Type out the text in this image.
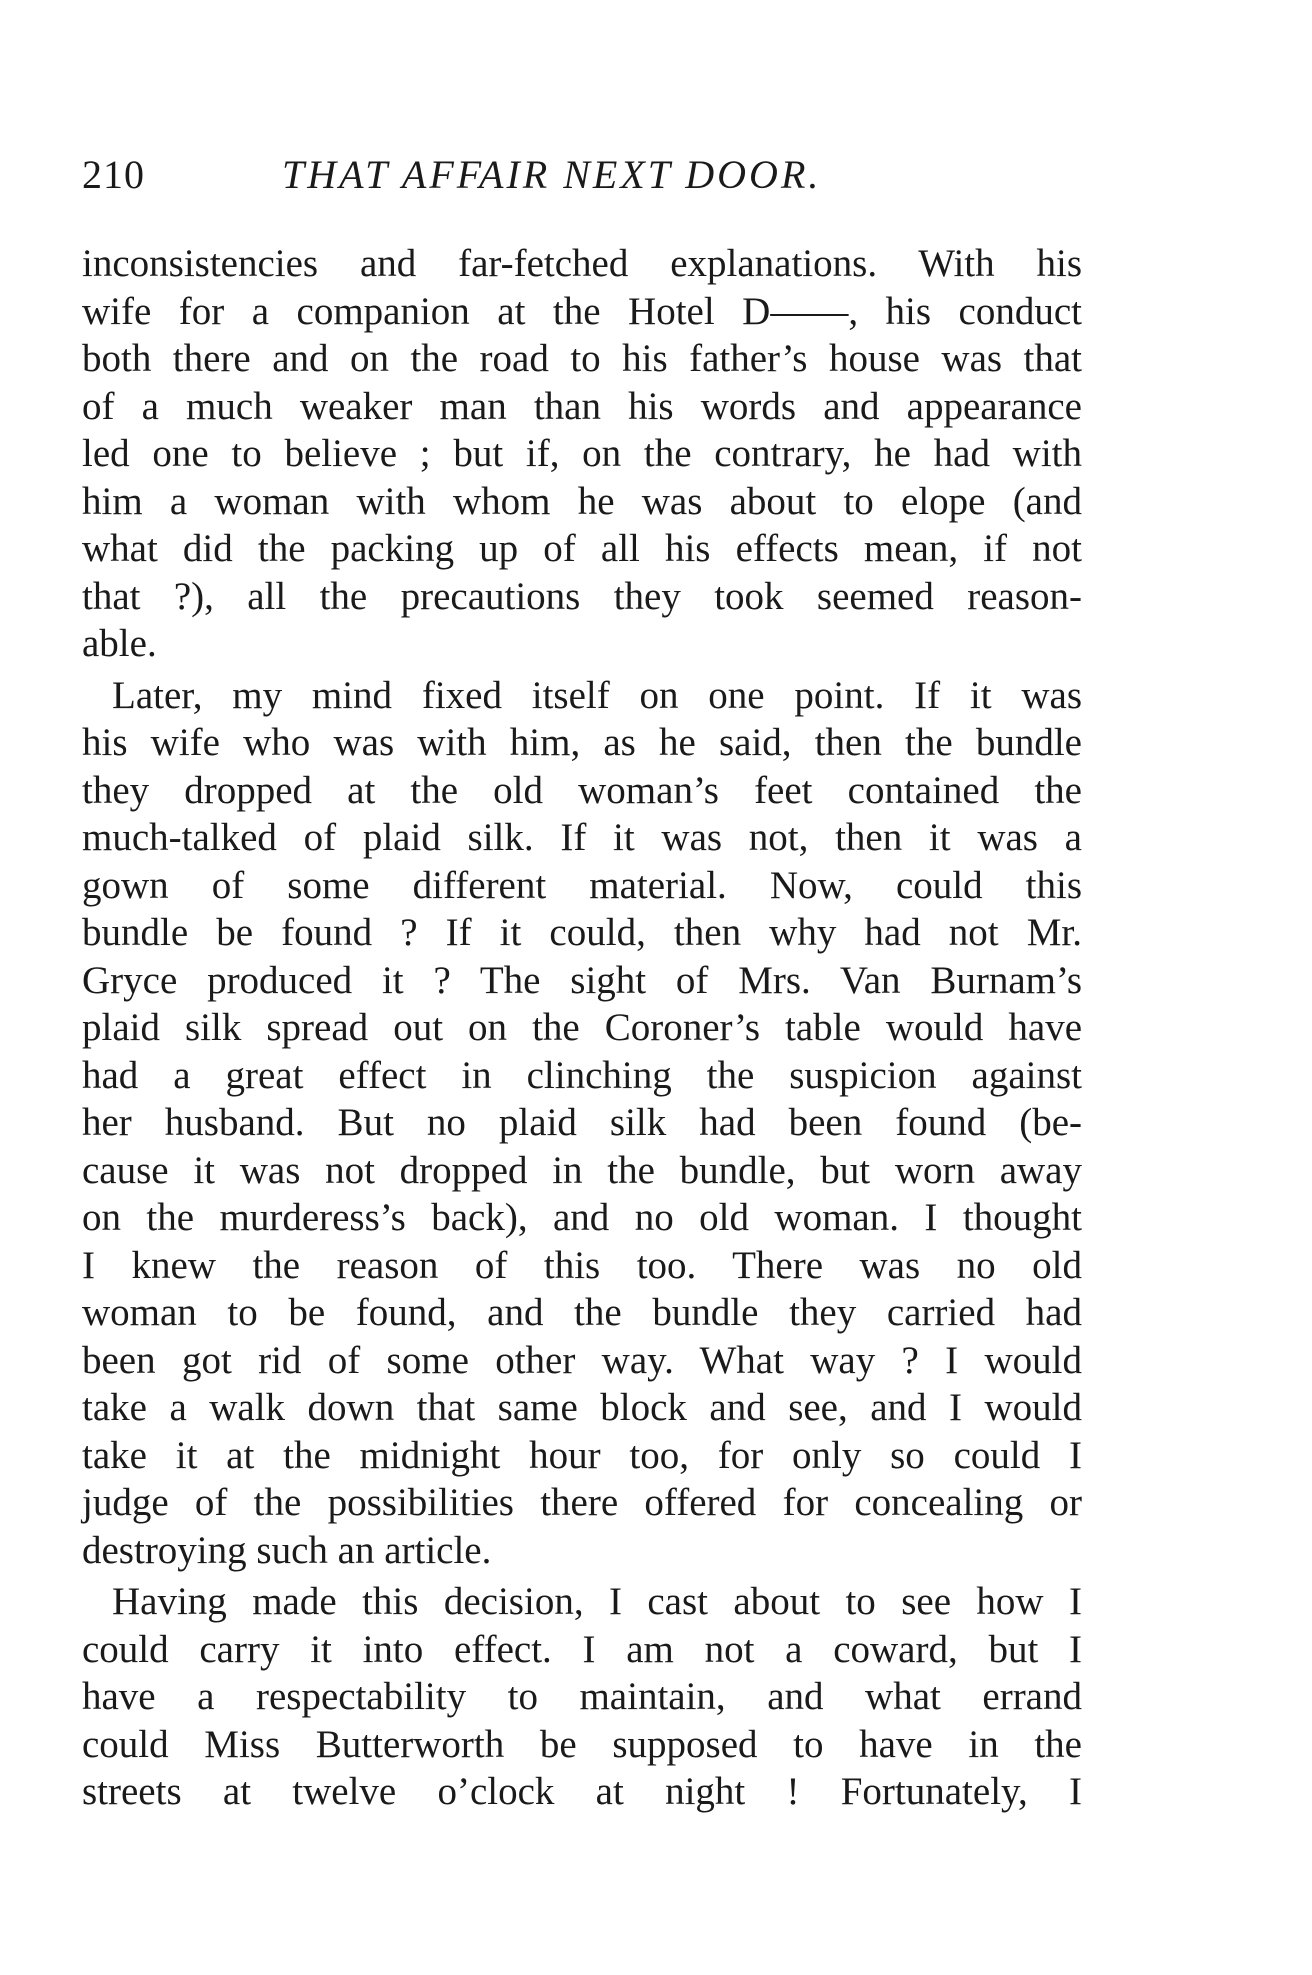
210	THAT AFFAIR NEXT DOOR.
inconsistencies and far-fetched explanations. With his
wife for a companion at the Hotel D——, his conduct
both there and on the road to his father’s house was that
of a much weaker man than his words and appearance
led one to believe ; but if, on the contrary, he had with
him a woman with whom he was about to elope (and
what did the packing up of all his effects mean, if not
that ?), all the precautions they took seemed reason-
able.
Later, my mind fixed itself on one point. If it was
his wife who was with him, as he said, then the bundle
they dropped at the old woman’s feet contained the
much-talked of plaid silk. If it was not, then it was a
gown of some different material. Now, could this
bundle be found ? If it could, then why had not Mr.
Gryce produced it ? The sight of Mrs. Van Burnam’s
plaid silk spread out on the Coroner’s table would have
had a great effect in clinching the suspicion against
her husband. But no plaid silk had been found (be-
cause it was not dropped in the bundle, but worn away
on the murderess’s back), and no old woman. I thought
I knew the reason of this too. There was no old
woman to be found, and the bundle they carried had
been got rid of some other way. What way ? I would
take a walk down that same block and see, and I would
take it at the midnight hour too, for only so could I
judge of the possibilities there offered for concealing or
destroying such an article.
Having made this decision, I cast about to see how I
could carry it into effect. I am not a coward, but I
have a respectability to maintain, and what errand
could Miss Butterworth be supposed to have in the
streets at twelve o’clock at night ! Fortunately, I
